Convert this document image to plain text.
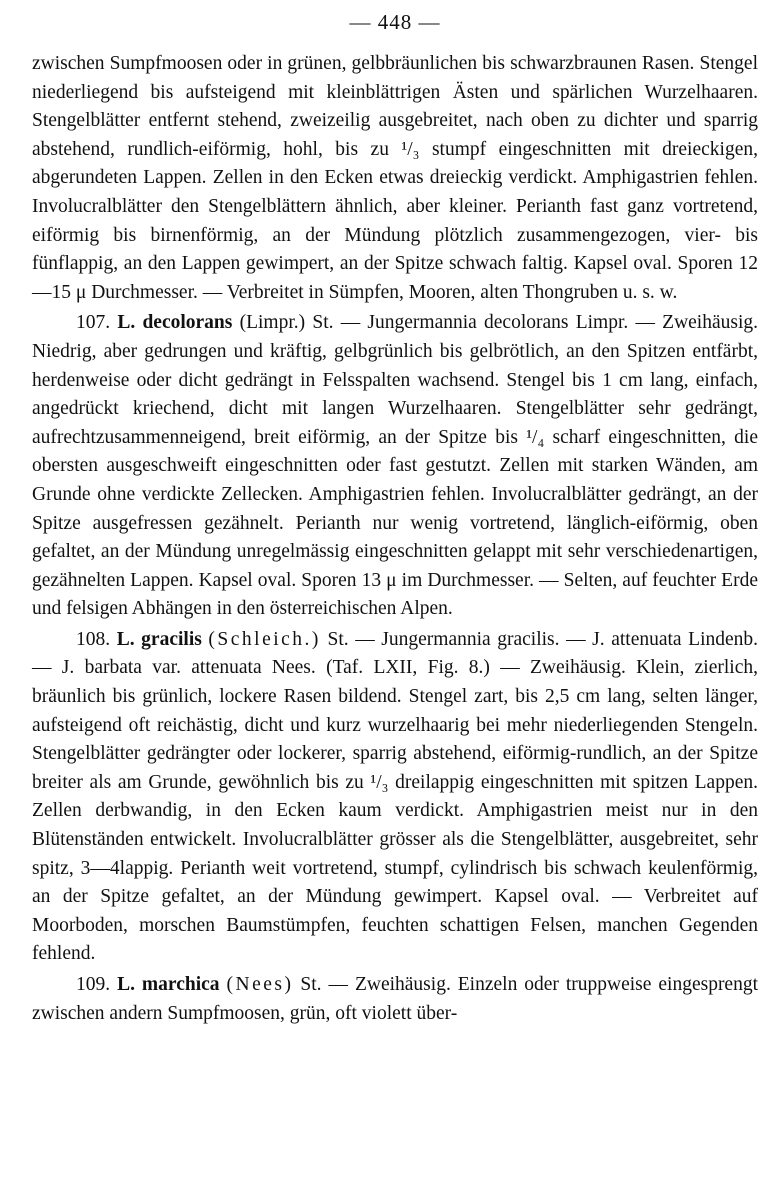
— 448 —

zwischen Sumpfmoosen oder in grünen, gelbbräunlichen bis schwarzbraunen Rasen. Stengel niederliegend bis aufsteigend mit kleinblättrigen Ästen und spärlichen Wurzelhaaren. Stengelblätter entfernt stehend, zweizeilig ausgebreitet, nach oben zu dichter und sparrig abstehend, rundlich-eiförmig, hohl, bis zu ¹/₃ stumpf eingeschnitten mit dreieckigen, abgerundeten Lappen. Zellen in den Ecken etwas dreieckig verdickt. Amphigastrien fehlen. Involucralblätter den Stengelblättern ähnlich, aber kleiner. Perianth fast ganz vortretend, eiförmig bis birnenförmig, an der Mündung plötzlich zusammengezogen, vier- bis fünflappig, an den Lappen gewimpert, an der Spitze schwach faltig. Kapsel oval. Sporen 12—15 μ Durchmesser. — Verbreitet in Sümpfen, Mooren, alten Thongruben u. s. w.

107. L. decolorans (Limpr.) St. — Jungermannia decolorans Limpr. — Zweihäusig. Niedrig, aber gedrungen und kräftig, gelbgrünlich bis gelbrötlich, an den Spitzen entfärbt, herdenweise oder dicht gedrängt in Felsspalten wachsend. Stengel bis 1 cm lang, einfach, angedrückt kriechend, dicht mit langen Wurzelhaaren. Stengelblätter sehr gedrängt, aufrechtzusammenneigend, breit eiförmig, an der Spitze bis ¹/₄ scharf eingeschnitten, die obersten ausgeschweift eingeschnitten oder fast gestutzt. Zellen mit starken Wänden, am Grunde ohne verdickte Zellecken. Amphigastrien fehlen. Involucralblätter gedrängt, an der Spitze ausgefressen gezähnelt. Perianth nur wenig vortretend, länglich-eiförmig, oben gefaltet, an der Mündung unregelmässig eingeschnitten gelappt mit sehr verschiedenartigen, gezähnelten Lappen. Kapsel oval. Sporen 13 μ im Durchmesser. — Selten, auf feuchter Erde und felsigen Abhängen in den österreichischen Alpen.

108. L. gracilis (Schleich.) St. — Jungermannia gracilis. — J. attenuata Lindenb. — J. barbata var. attenuata Nees. (Taf. LXII, Fig. 8.) — Zweihäusig. Klein, zierlich, bräunlich bis grünlich, lockere Rasen bildend. Stengel zart, bis 2,5 cm lang, selten länger, aufsteigend oft reichästig, dicht und kurz wurzelhaarig bei mehr niederliegenden Stengeln. Stengelblätter gedrängter oder lockerer, sparrig abstehend, eiförmig-rundlich, an der Spitze breiter als am Grunde, gewöhnlich bis zu ¹/₃ dreilappig eingeschnitten mit spitzen Lappen. Zellen derbwandig, in den Ecken kaum verdickt. Amphigastrien meist nur in den Blütenständen entwickelt. Involucralblätter grösser als die Stengelblätter, ausgebreitet, sehr spitz, 3—4lappig. Perianth weit vortretend, stumpf, cylindrisch bis schwach keulenförmig, an der Spitze gefaltet, an der Mündung gewimpert. Kapsel oval. — Verbreitet auf Moorboden, morschen Baumstümpfen, feuchten schattigen Felsen, manchen Gegenden fehlend.

109. L. marchica (Nees) St. — Zweihäusig. Einzeln oder truppweise eingesprengt zwischen andern Sumpfmoosen, grün, oft violett über-
